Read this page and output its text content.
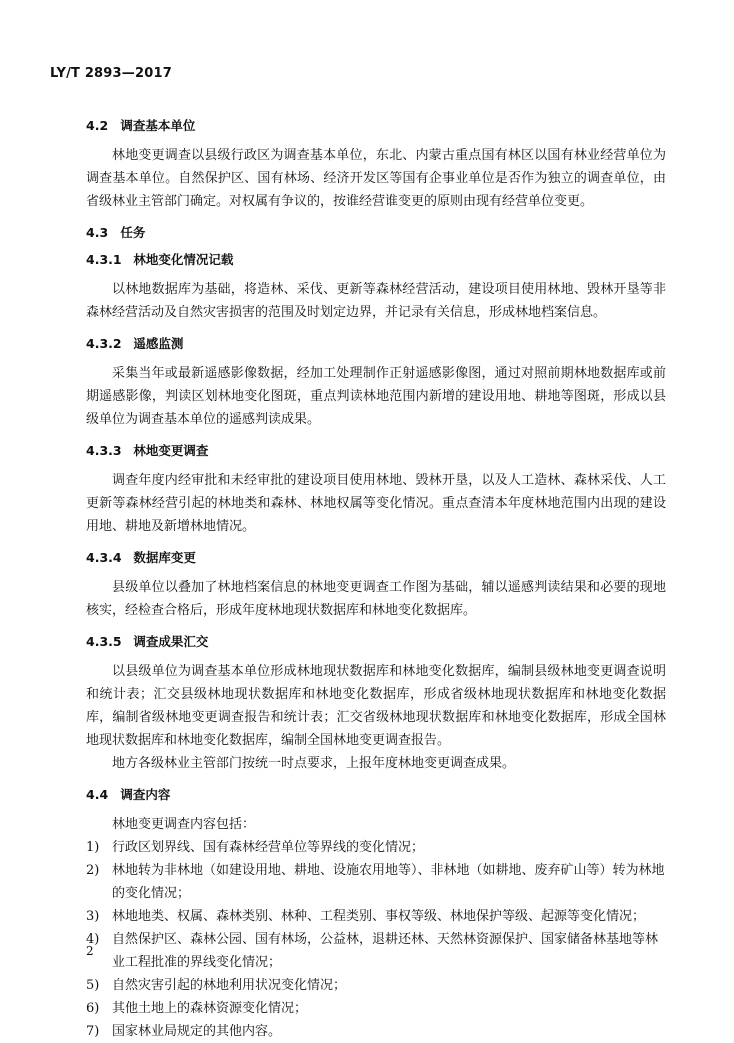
LY/T 2893—2017
4.2 调查基本单位

林地变更调查以县级行政区为调查基本单位，东北、内蒙古重点国有林区以国有林业经营单位为调查基本单位。自然保护区、国有林场、经济开发区等国有企事业单位是否作为独立的调查单位，由省级林业主管部门确定。对权属有争议的，按谁经营谁变更的原则由现有经营单位变更。

4.3 任务
4.3.1 林地变化情况记载

以林地数据库为基础，将造林、采伐、更新等森林经营活动，建设项目使用林地、毁林开垦等非森林经营活动及自然灾害损害的范围及时划定边界，并记录有关信息，形成林地档案信息。

4.3.2 遥感监测

采集当年或最新遥感影像数据，经加工处理制作正射遥感影像图，通过对照前期林地数据库或前期遥感影像，判读区划林地变化图斑，重点判读林地范围内新增的建设用地、耕地等图斑，形成以县级单位为调查基本单位的遥感判读成果。

4.3.3 林地变更调查

调查年度内经审批和未经审批的建设项目使用林地、毁林开垦，以及人工造林、森林采伐、人工更新等森林经营引起的林地类和森林、林地权属等变化情况。重点查清本年度林地范围内出现的建设用地、耕地及新增林地情况。

4.3.4 数据库变更

县级单位以叠加了林地档案信息的林地变更调查工作图为基础，辅以遥感判读结果和必要的现地核实，经检查合格后，形成年度林地现状数据库和林地变化数据库。

4.3.5 调查成果汇交

以县级单位为调查基本单位形成林地现状数据库和林地变化数据库，编制县级林地变更调查说明和统计表；汇交县级林地现状数据库和林地变化数据库，形成省级林地现状数据库和林地变化数据库，编制省级林地变更调查报告和统计表；汇交省级林地现状数据库和林地变化数据库，形成全国林地现状数据库和林地变化数据库，编制全国林地变更调查报告。

地方各级林业主管部门按统一时点要求，上报年度林地变更调查成果。

4.4 调查内容

林地变更调查内容包括：

1) 行政区划界线、国有森林经营单位等界线的变化情况；
2) 林地转为非林地（如建设用地、耕地、设施农用地等）、非林地（如耕地、废弃矿山等）转为林地的变化情况；
3) 林地地类、权属、森林类别、林种、工程类别、事权等级、林地保护等级、起源等变化情况；
4) 自然保护区、森林公园、国有林场，公益林，退耕还林、天然林资源保护、国家储备林基地等林业工程批准的界线变化情况；
5) 自然灾害引起的林地利用状况变化情况；
6) 其他土地上的森林资源变化情况；
7) 国家林业局规定的其他内容。
2
